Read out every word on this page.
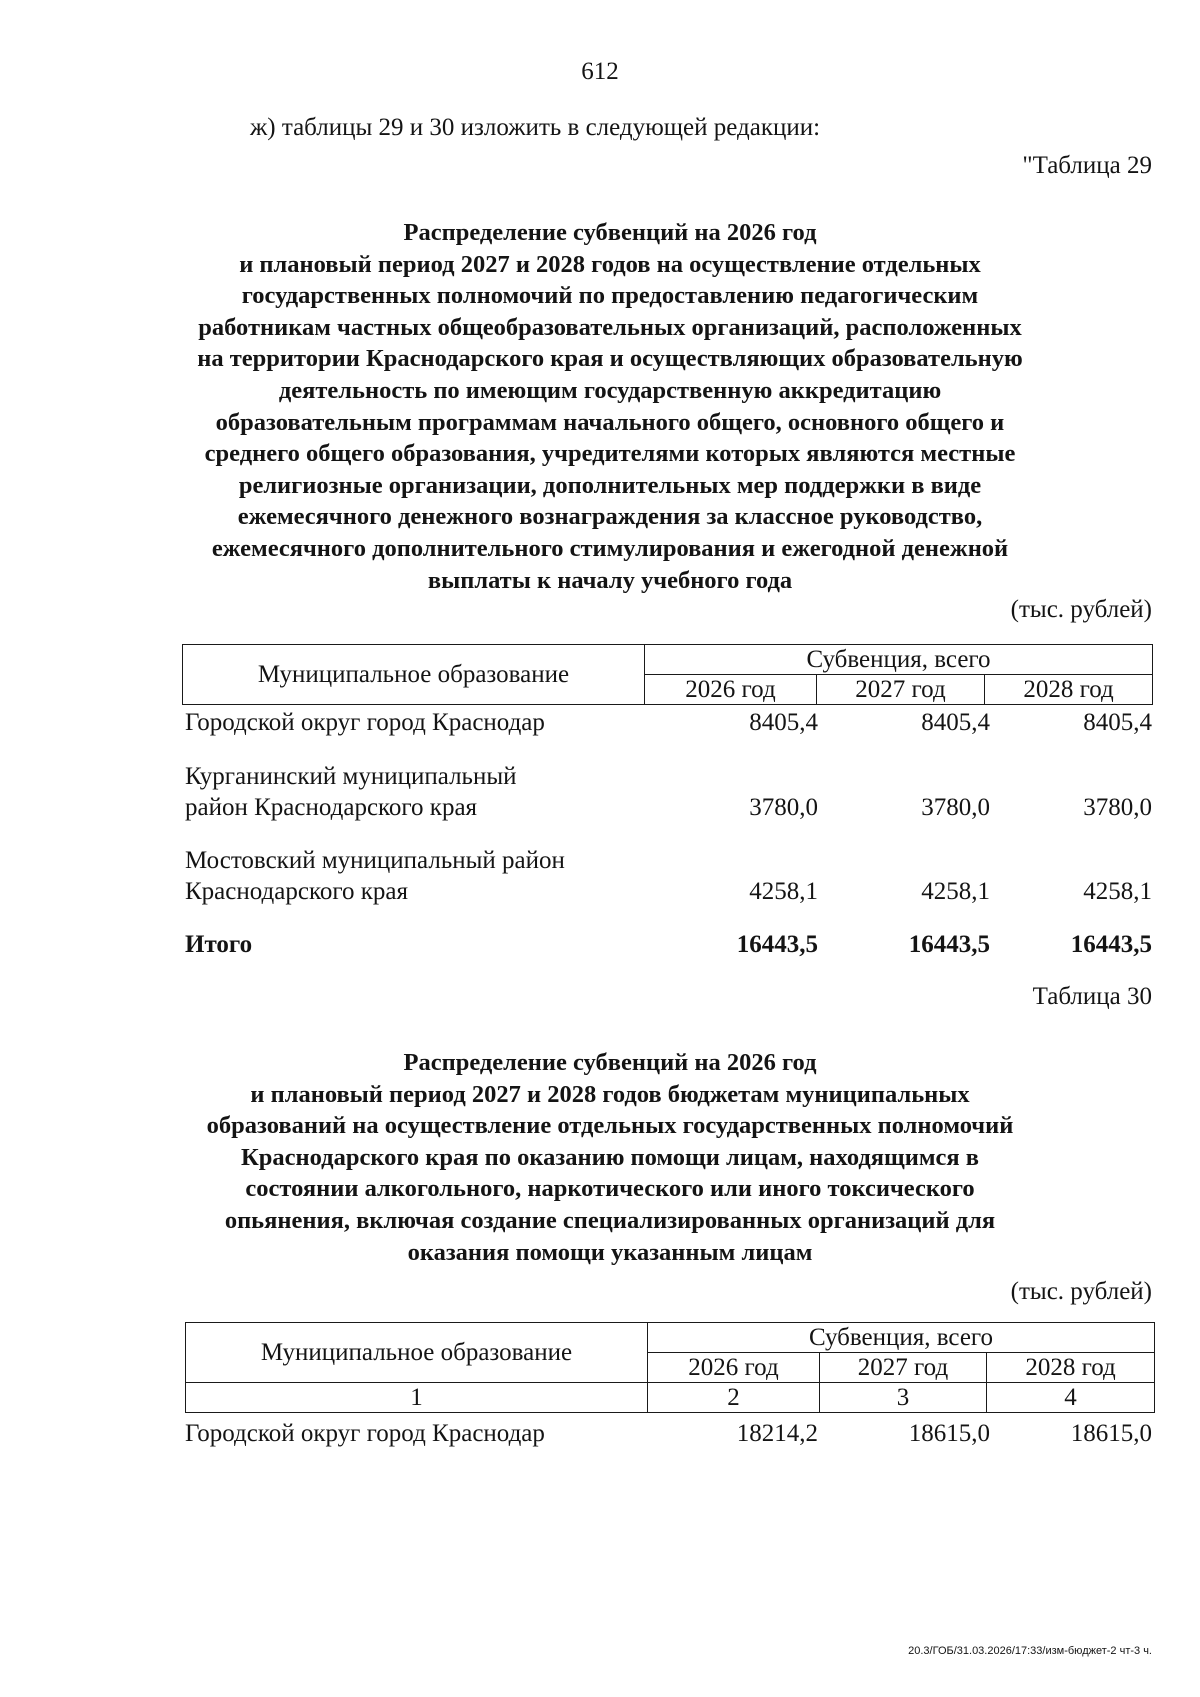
612
ж) таблицы 29 и 30 изложить в следующей редакции:
"Таблица 29
Распределение субвенций на 2026 год
и плановый период 2027 и 2028 годов на осуществление отдельных
государственных полномочий по предоставлению педагогическим
работникам частных общеобразовательных организаций, расположенных
на территории Краснодарского края и осуществляющих образовательную
деятельность по имеющим государственную аккредитацию
образовательным программам начального общего, основного общего и
среднего общего образования, учредителями которых являются местные
религиозные организации, дополнительных мер поддержки в виде
ежемесячного денежного вознаграждения за классное руководство,
ежемесячного дополнительного стимулирования и ежегодной денежной
выплаты к началу учебного года
(тыс. рублей)
Муниципальное образование	Субвенция, всего		
	2026 год	2027 год	2028 год
Городской округ город Краснодар	8405,4	8405,4	8405,4
Курганинский муниципальный
район Краснодарского края	3780,0	3780,0	3780,0
Мостовский муниципальный район
Краснодарского края	4258,1	4258,1	4258,1
Итого	16443,5	16443,5	16443,5
Таблица 30
Распределение субвенций на 2026 год
и плановый период 2027 и 2028 годов бюджетам муниципальных
образований на осуществление отдельных государственных полномочий
Краснодарского края по оказанию помощи лицам, находящимся в
состоянии алкогольного, наркотического или иного токсического
опьянения, включая создание специализированных организаций для
оказания помощи указанным лицам
(тыс. рублей)
Муниципальное образование	Субвенция, всего		
	2026 год	2027 год	2028 год
1	2	3	4
Городской округ город Краснодар	18214,2	18615,0	18615,0
20.3/ГОБ/31.03.2026/17:33/изм-бюджет-2 чт-3 ч.
